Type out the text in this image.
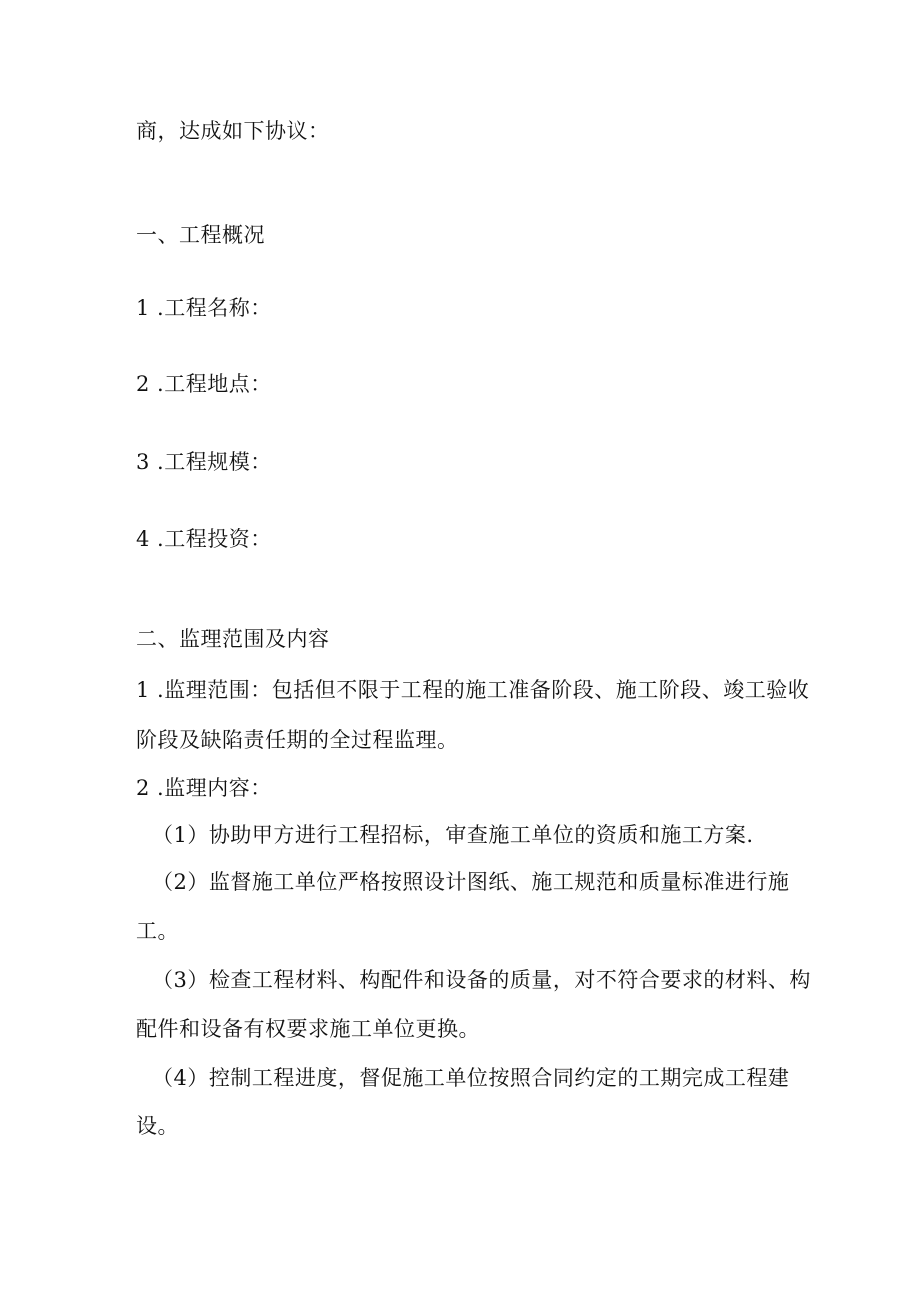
商，达成如下协议：
一、工程概况
1 .工程名称：
2 .工程地点：
3 .工程规模：
4 .工程投资：
二、监理范围及内容
1 .监理范围：包括但不限于工程的施工准备阶段、施工阶段、竣工验收
阶段及缺陷责任期的全过程监理。
2 .监理内容：
（1）协助甲方进行工程招标，审查施工单位的资质和施工方案.
（2）监督施工单位严格按照设计图纸、施工规范和质量标准进行施
工。
（3）检查工程材料、构配件和设备的质量，对不符合要求的材料、构
配件和设备有权要求施工单位更换。
（4）控制工程进度，督促施工单位按照合同约定的工期完成工程建
设。
